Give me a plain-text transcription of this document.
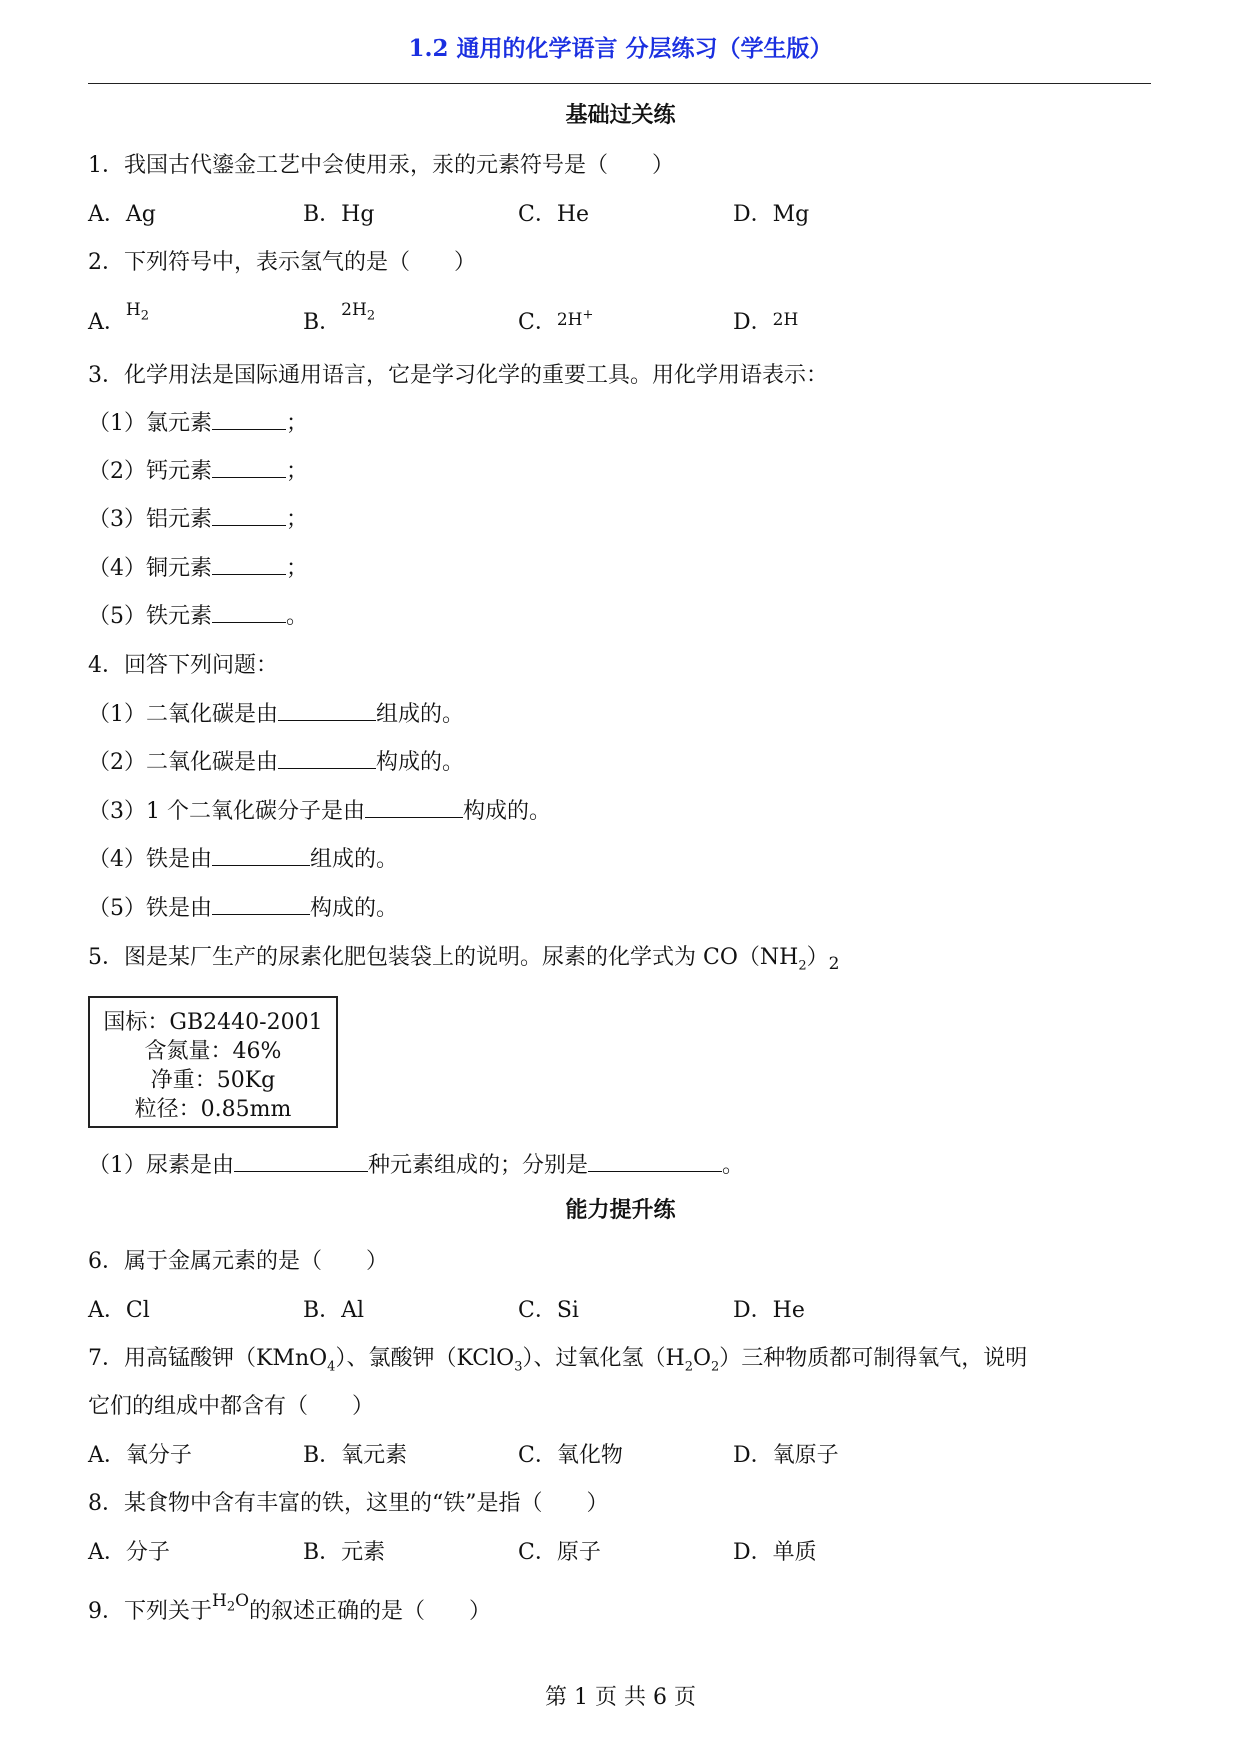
1.2 通用的化学语言 分层练习（学生版）
基础过关练
1．我国古代鎏金工艺中会使用汞，汞的元素符号是（　　）
A．Ag	B．Hg	C．He	D．Mg
2．下列符号中，表示氢气的是（　　）
A．$^{H_2}$	B．$^{2H_2}$	C．2H+	D．2H
3．化学用法是国际通用语言，它是学习化学的重要工具。用化学用语表示：
（1）氯元素	；
（2）钙元素	；
（3）铝元素	；
（4）铜元素	；
（5）铁元素	。
4．回答下列问题：
（1）二氧化碳是由	组成的。
（2）二氧化碳是由	构成的。
（3）1 个二氧化碳分子是由	构成的。
（4）铁是由	组成的。
（5）铁是由	构成的。
5．图是某厂生产的尿素化肥包装袋上的说明。尿素的化学式为 $CO(NH_2)_2$
国标：GB2440-2001
含氮量：46%
净重：50Kg
粒径：0.85mm
（1）尿素是由	种元素组成的；分别是	。
能力提升练
6．属于金属元素的是（　　）
A．Cl	B．Al	C．Si	D．He
7．用高锰酸钾（KMnO$_4$）、氯酸钾（KClO$_3$）、过氧化氢$(H_2O_2)$三种物质都可制得氧气，说明
它们的组成中都含有（　　）
A．氧分子	B．氧元素	C．氧化物	D．氧原子
8．某食物中含有丰富的铁，这里的“铁”是指（　　）
A．分子	B．元素	C．原子	D．单质
9．下列关于$^{H_2O}$的叙述正确的是（　　）
第 1 页 共 6 页
